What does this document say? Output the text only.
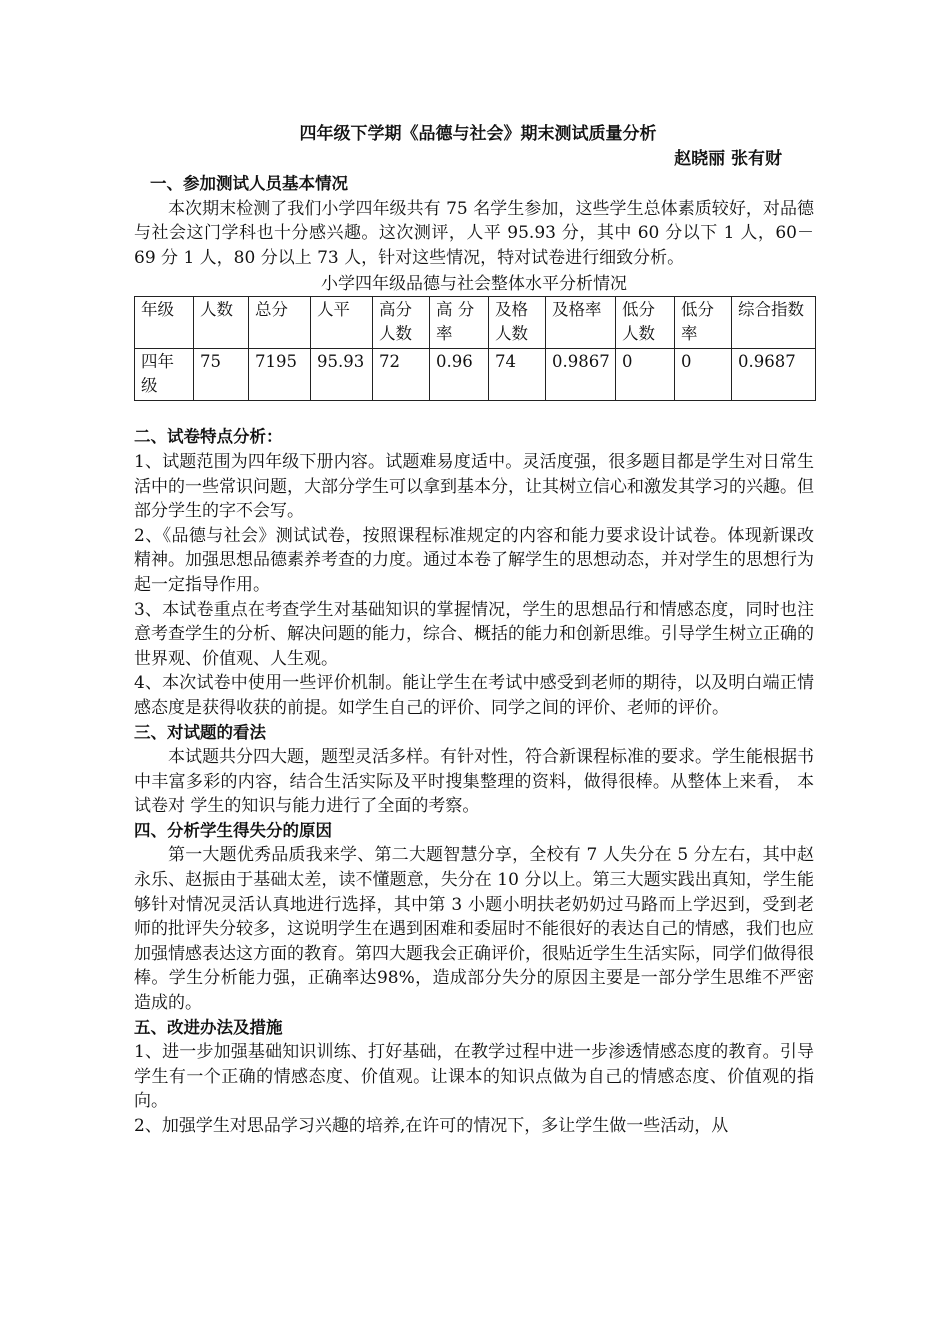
四年级下学期《品德与社会》期末测试质量分析
赵晓丽 张有财
一、参加测试人员基本情况

本次期末检测了我们小学四年级共有 75 名学生参加，这些学生总体素质较好，对品德与社会这门学科也十分感兴趣。这次测评，人平 95.93 分，其中 60 分以下 1 人，60－69 分 1 人，80 分以上 73 人，针对这些情况，特对试卷进行细致分析。

小学四年级品德与社会整体水平分析情况
年级	人数	总分	人平	高分人数	高 分率	及格人数	及格率	低分人数	低分率	综合指数
四年级	75	7195	95.93	72	0.96	74	0.9867	0	0	0.9687
二、试卷特点分析：

1、试题范围为四年级下册内容。试题难易度适中。灵活度强，很多题目都是学生对日常生活中的一些常识问题，大部分学生可以拿到基本分，让其树立信心和激发其学习的兴趣。但部分学生的字不会写。

2、《品德与社会》测试试卷，按照课程标准规定的内容和能力要求设计试卷。体现新课改精神。加强思想品德素养考查的力度。通过本卷了解学生的思想动态，并对学生的思想行为起一定指导作用。

3、本试卷重点在考查学生对基础知识的掌握情况，学生的思想品行和情感态度，同时也注意考查学生的分析、解决问题的能力，综合、概括的能力和创新思维。引导学生树立正确的世界观、价值观、人生观。

4、本次试卷中使用一些评价机制。能让学生在考试中感受到老师的期待，以及明白端正情感态度是获得收获的前提。如学生自己的评价、同学之间的评价、老师的评价。

三、对试题的看法

本试题共分四大题，题型灵活多样。有针对性，符合新课程标准的要求。学生能根据书中丰富多彩的内容，结合生活实际及平时搜集整理的资料，做得很棒。从整体上来看， 本试卷对 学生的知识与能力进行了全面的考察。

四、分析学生得失分的原因

第一大题优秀品质我来学、第二大题智慧分享，全校有 7 人失分在 5 分左右，其中赵永乐、赵振由于基础太差，读不懂题意，失分在 10 分以上。第三大题实践出真知，学生能够针对情况灵活认真地进行选择，其中第 3 小题小明扶老奶奶过马路而上学迟到，受到老师的批评失分较多，这说明学生在遇到困难和委屈时不能很好的表达自己的情感，我们也应加强情感表达这方面的教育。第四大题我会正确评价，很贴近学生生活实际，同学们做得很棒。学生分析能力强，正确率达98%，造成部分失分的原因主要是一部分学生思维不严密造成的。

五、改进办法及措施

1、进一步加强基础知识训练、打好基础，在教学过程中进一步渗透情感态度的教育。引导学生有一个正确的情感态度、价值观。让课本的知识点做为自己的情感态度、价值观的指向。

2、加强学生对思品学习兴趣的培养,在许可的情况下，多让学生做一些活动，从
